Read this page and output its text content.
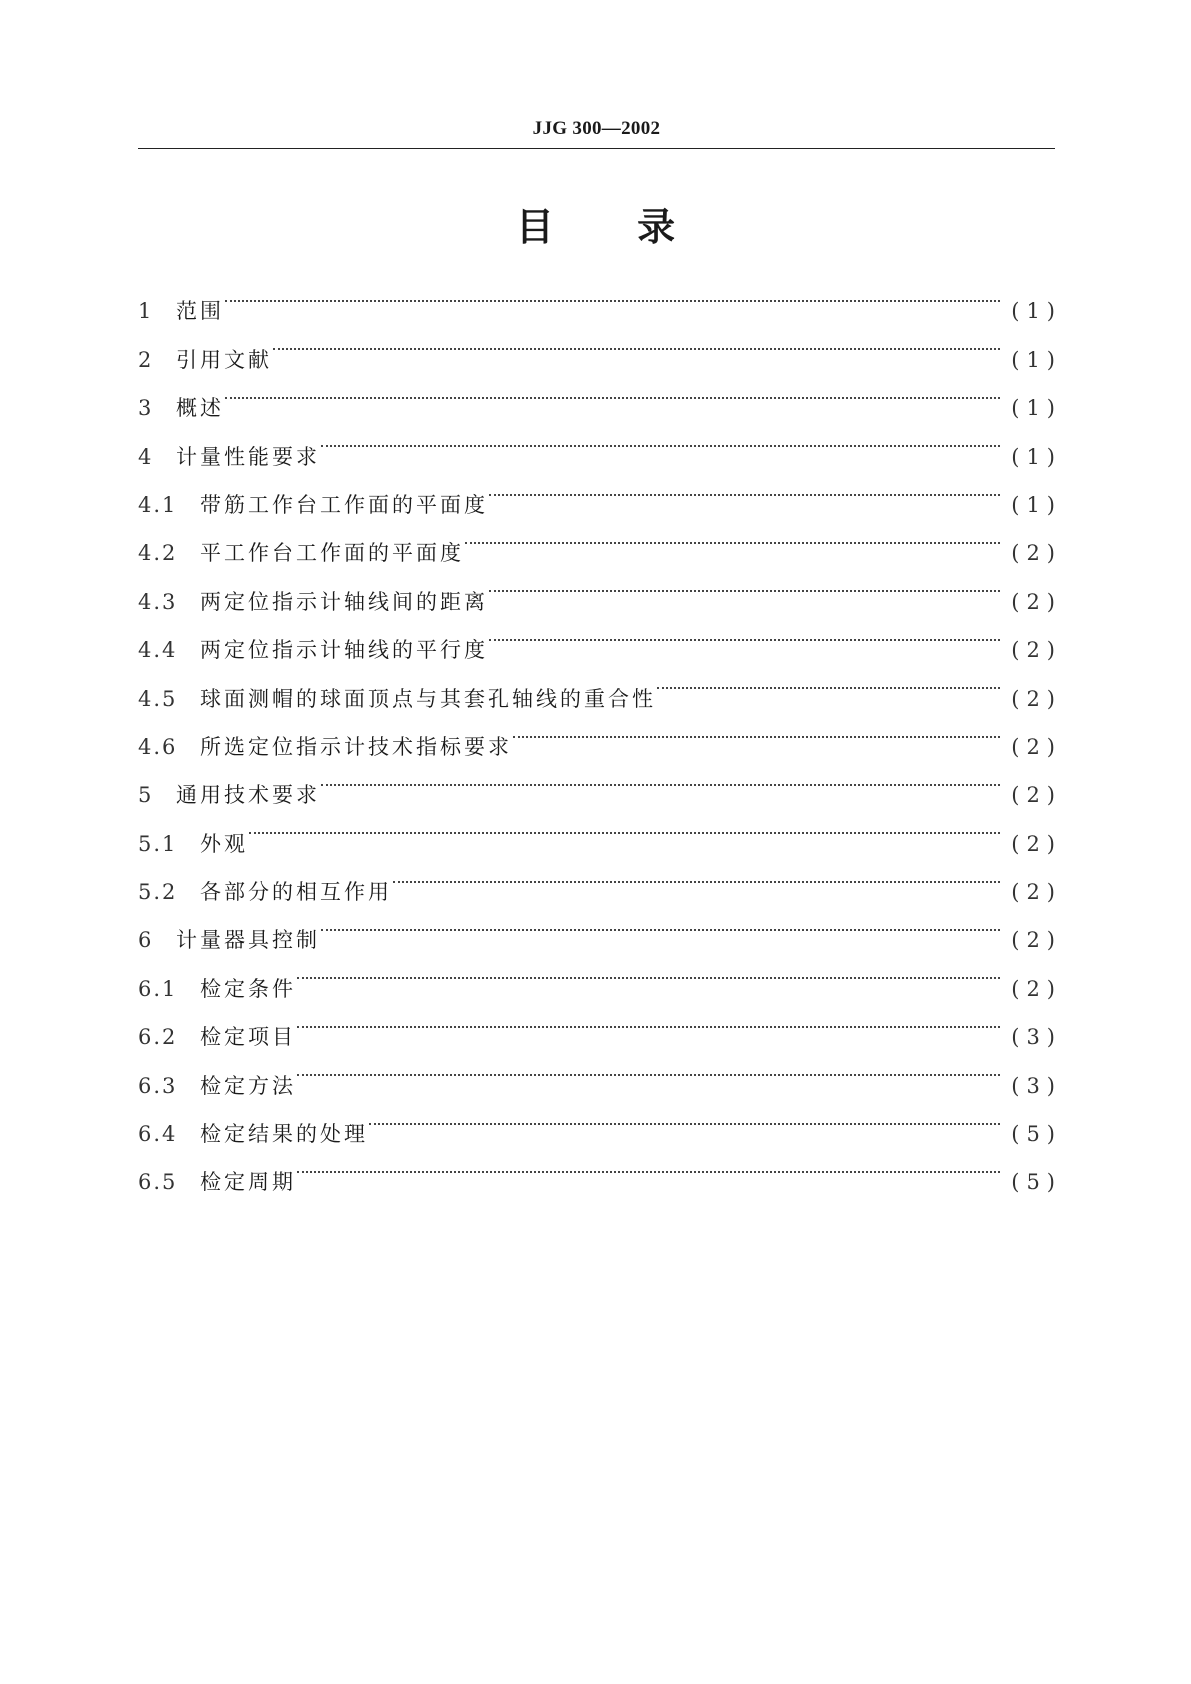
JJG 300—2002
目 录
1	范围	(1)
2	引用文献	(1)
3	概述	(1)
4	计量性能要求	(1)
4.1	带筋工作台工作面的平面度	(1)
4.2	平工作台工作面的平面度	(2)
4.3	两定位指示计轴线间的距离	(2)
4.4	两定位指示计轴线的平行度	(2)
4.5	球面测帽的球面顶点与其套孔轴线的重合性	(2)
4.6	所选定位指示计技术指标要求	(2)
5	通用技术要求	(2)
5.1	外观	(2)
5.2	各部分的相互作用	(2)
6	计量器具控制	(2)
6.1	检定条件	(2)
6.2	检定项目	(3)
6.3	检定方法	(3)
6.4	检定结果的处理	(5)
6.5	检定周期	(5)
